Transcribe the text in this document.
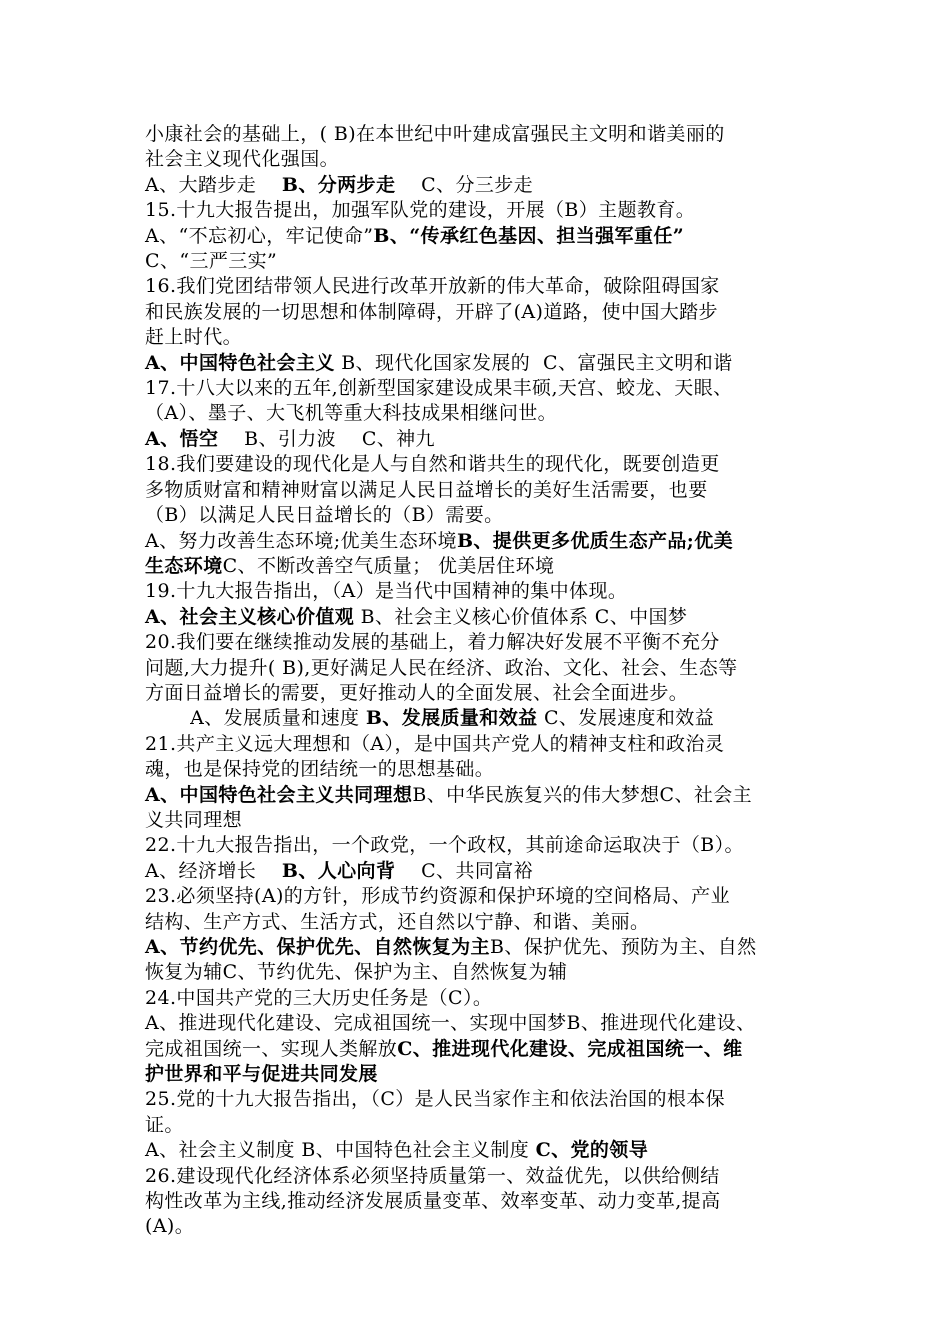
小康社会的基础上，( B)在本世纪中叶建成富强民主文明和谐美丽的
社会主义现代化强国。
A、大踏步走    B、分两步走    C、分三步走
15.十九大报告提出，加强军队党的建设，开展（B）主题教育。
A、“不忘初心，牢记使命”B、“传承红色基因、担当强军重任”
C、“三严三实”
16.我们党团结带领人民进行改革开放新的伟大革命，破除阻碍国家
和民族发展的一切思想和体制障碍，开辟了(A)道路，使中国大踏步
赶上时代。
A、中国特色社会主义 B、现代化国家发展的  C、富强民主文明和谐
17.十八大以来的五年,创新型国家建设成果丰硕,天宫、蛟龙、天眼、
（A）、墨子、大飞机等重大科技成果相继问世。
A、悟空    B、引力波    C、神九
18.我们要建设的现代化是人与自然和谐共生的现代化，既要创造更
多物质财富和精神财富以满足人民日益增长的美好生活需要，也要
（B）以满足人民日益增长的（B）需要。
A、努力改善生态环境;优美生态环境B、提供更多优质生态产品;优美
生态环境C、不断改善空气质量； 优美居住环境
19.十九大报告指出，（A）是当代中国精神的集中体现。
A、社会主义核心价值观 B、社会主义核心价值体系 C、中国梦
20.我们要在继续推动发展的基础上，着力解决好发展不平衡不充分
问题,大力提升( B),更好满足人民在经济、政治、文化、社会、生态等
方面日益增长的需要，更好推动人的全面发展、社会全面进步。
A、发展质量和速度 B、发展质量和效益 C、发展速度和效益
21.共产主义远大理想和（A），是中国共产党人的精神支柱和政治灵
魂，也是保持党的团结统一的思想基础。
A、中国特色社会主义共同理想B、中华民族复兴的伟大梦想C、社会主
义共同理想
22.十九大报告指出，一个政党，一个政权，其前途命运取决于（B）。
A、经济增长    B、人心向背    C、共同富裕
23.必须坚持(A)的方针，形成节约资源和保护环境的空间格局、产业
结构、生产方式、生活方式，还自然以宁静、和谐、美丽。
A、节约优先、保护优先、自然恢复为主B、保护优先、预防为主、自然
恢复为辅C、节约优先、保护为主、自然恢复为辅
24.中国共产党的三大历史任务是（C）。
A、推进现代化建设、完成祖国统一、实现中国梦B、推进现代化建设、
完成祖国统一、实现人类解放C、推进现代化建设、完成祖国统一、维
护世界和平与促进共同发展
25.党的十九大报告指出，（C）是人民当家作主和依法治国的根本保
证。
A、社会主义制度 B、中国特色社会主义制度 C、党的领导
26.建设现代化经济体系必须坚持质量第一、效益优先，以供给侧结
构性改革为主线,推动经济发展质量变革、效率变革、动力变革,提高
(A)。
